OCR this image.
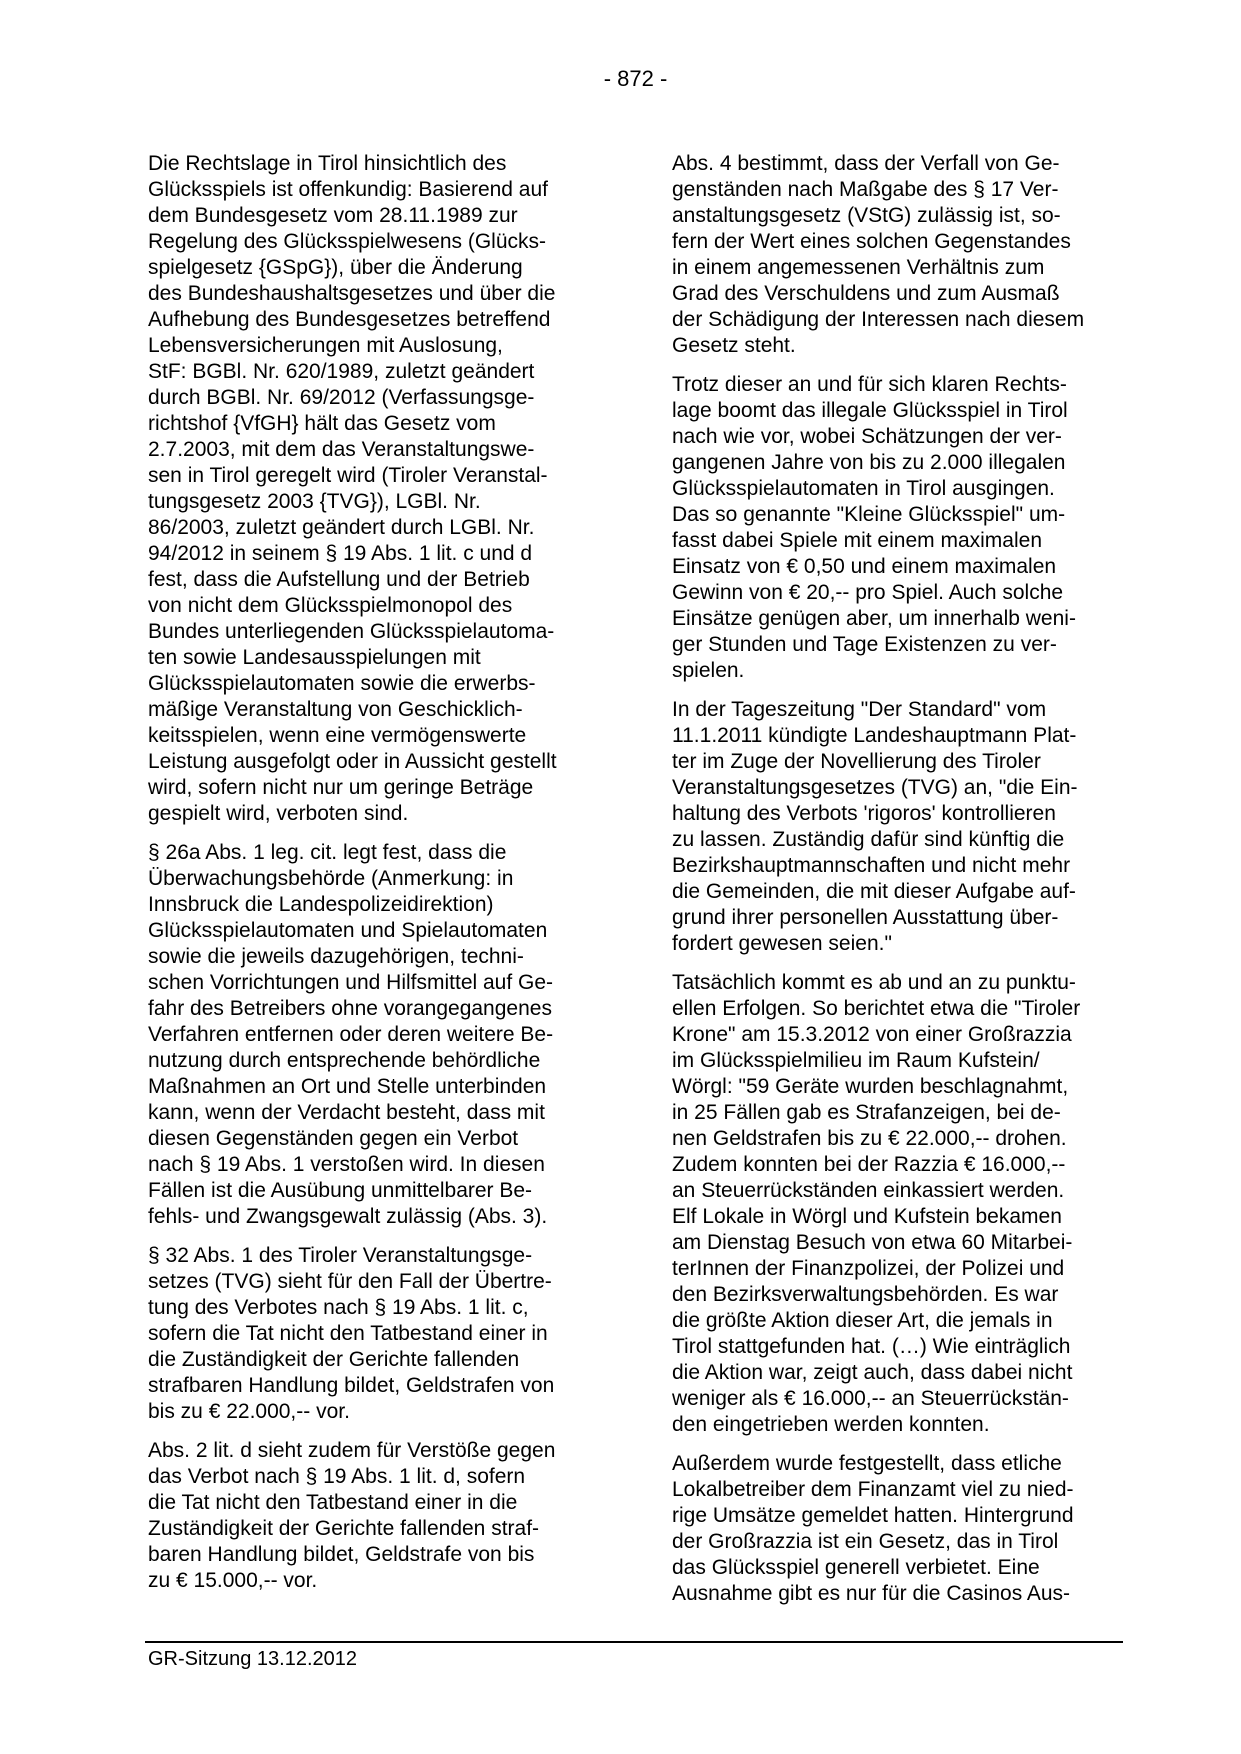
- 872 -

Die Rechtslage in Tirol hinsichtlich des
Glücksspiels ist offenkundig: Basierend auf
dem Bundesgesetz vom 28.11.1989 zur
Regelung des Glücksspielwesens (Glücks-
spielgesetz {GSpG}), über die Änderung
des Bundeshaushaltsgesetzes und über die
Aufhebung des Bundesgesetzes betreffend
Lebensversicherungen mit Auslosung,
StF: BGBl. Nr. 620/1989, zuletzt geändert
durch BGBl. Nr. 69/2012 (Verfassungsge-
richtshof {VfGH} hält das Gesetz vom
2.7.2003, mit dem das Veranstaltungswe-
sen in Tirol geregelt wird (Tiroler Veranstal-
tungsgesetz 2003 {TVG}), LGBl. Nr.
86/2003, zuletzt geändert durch LGBl. Nr.
94/2012 in seinem § 19 Abs. 1 lit. c und d
fest, dass die Aufstellung und der Betrieb
von nicht dem Glücksspielmonopol des
Bundes unterliegenden Glücksspielautoma-
ten sowie Landesausspielungen mit
Glücksspielautomaten sowie die erwerbs-
mäßige Veranstaltung von Geschicklich-
keitsspielen, wenn eine vermögenswerte
Leistung ausgefolgt oder in Aussicht gestellt
wird, sofern nicht nur um geringe Beträge
gespielt wird, verboten sind.

§ 26a Abs. 1 leg. cit. legt fest, dass die
Überwachungsbehörde (Anmerkung: in
Innsbruck die Landespolizeidirektion)
Glücksspielautomaten und Spielautomaten
sowie die jeweils dazugehörigen, techni-
schen Vorrichtungen und Hilfsmittel auf Ge-
fahr des Betreibers ohne vorangegangenes
Verfahren entfernen oder deren weitere Be-
nutzung durch entsprechende behördliche
Maßnahmen an Ort und Stelle unterbinden
kann, wenn der Verdacht besteht, dass mit
diesen Gegenständen gegen ein Verbot
nach § 19 Abs. 1 verstoßen wird. In diesen
Fällen ist die Ausübung unmittelbarer Be-
fehls- und Zwangsgewalt zulässig (Abs. 3).

§ 32 Abs. 1 des Tiroler Veranstaltungsge-
setzes (TVG) sieht für den Fall der Übertre-
tung des Verbotes nach § 19 Abs. 1 lit. c,
sofern die Tat nicht den Tatbestand einer in
die Zuständigkeit der Gerichte fallenden
strafbaren Handlung bildet, Geldstrafen von
bis zu € 22.000,-- vor.

Abs. 2 lit. d sieht zudem für Verstöße gegen
das Verbot nach § 19 Abs. 1 lit. d, sofern
die Tat nicht den Tatbestand einer in die
Zuständigkeit der Gerichte fallenden straf-
baren Handlung bildet, Geldstrafe von bis
zu € 15.000,-- vor.

Abs. 4 bestimmt, dass der Verfall von Ge-
genständen nach Maßgabe des § 17 Ver-
anstaltungsgesetz (VStG) zulässig ist, so-
fern der Wert eines solchen Gegenstandes
in einem angemessenen Verhältnis zum
Grad des Verschuldens und zum Ausmaß
der Schädigung der Interessen nach diesem
Gesetz steht.

Trotz dieser an und für sich klaren Rechts-
lage boomt das illegale Glücksspiel in Tirol
nach wie vor, wobei Schätzungen der ver-
gangenen Jahre von bis zu 2.000 illegalen
Glücksspielautomaten in Tirol ausgingen.
Das so genannte "Kleine Glücksspiel" um-
fasst dabei Spiele mit einem maximalen
Einsatz von € 0,50 und einem maximalen
Gewinn von € 20,-- pro Spiel. Auch solche
Einsätze genügen aber, um innerhalb weni-
ger Stunden und Tage Existenzen zu ver-
spielen.

In der Tageszeitung "Der Standard" vom
11.1.2011 kündigte Landeshauptmann Plat-
ter im Zuge der Novellierung des Tiroler
Veranstaltungsgesetzes (TVG) an, "die Ein-
haltung des Verbots 'rigoros' kontrollieren
zu lassen. Zuständig dafür sind künftig die
Bezirkshauptmannschaften und nicht mehr
die Gemeinden, die mit dieser Aufgabe auf-
grund ihrer personellen Ausstattung über-
fordert gewesen seien."

Tatsächlich kommt es ab und an zu punktu-
ellen Erfolgen. So berichtet etwa die "Tiroler
Krone" am 15.3.2012 von einer Großrazzia
im Glücksspielmilieu im Raum Kufstein/
Wörgl: "59 Geräte wurden beschlagnahmt,
in 25 Fällen gab es Strafanzeigen, bei de-
nen Geldstrafen bis zu € 22.000,-- drohen.
Zudem konnten bei der Razzia € 16.000,--
an Steuerrückständen einkassiert werden.
Elf Lokale in Wörgl und Kufstein bekamen
am Dienstag Besuch von etwa 60 Mitarbei-
terInnen der Finanzpolizei, der Polizei und
den Bezirksverwaltungsbehörden. Es war
die größte Aktion dieser Art, die jemals in
Tirol stattgefunden hat. (…) Wie einträglich
die Aktion war, zeigt auch, dass dabei nicht
weniger als € 16.000,-- an Steuerrückstän-
den eingetrieben werden konnten.

Außerdem wurde festgestellt, dass etliche
Lokalbetreiber dem Finanzamt viel zu nied-
rige Umsätze gemeldet hatten. Hintergrund
der Großrazzia ist ein Gesetz, das in Tirol
das Glücksspiel generell verbietet. Eine
Ausnahme gibt es nur für die Casinos Aus-

GR-Sitzung 13.12.2012
